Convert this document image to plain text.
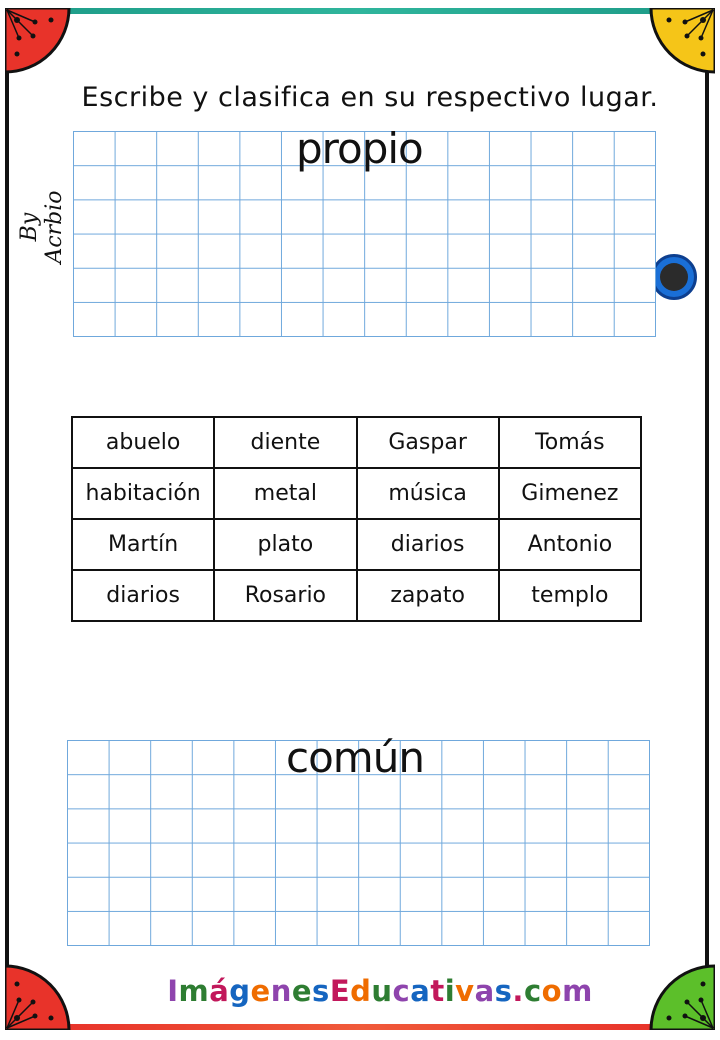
Escribe y clasifica en su respectivo lugar.
By Acrbio
propio
abuelo	diente	Gaspar	Tomás
habitación	metal	música	Gimenez
Martín	plato	diarios	Antonio
diarios	Rosario	zapato	templo
común
ImágenesEducativas.com
